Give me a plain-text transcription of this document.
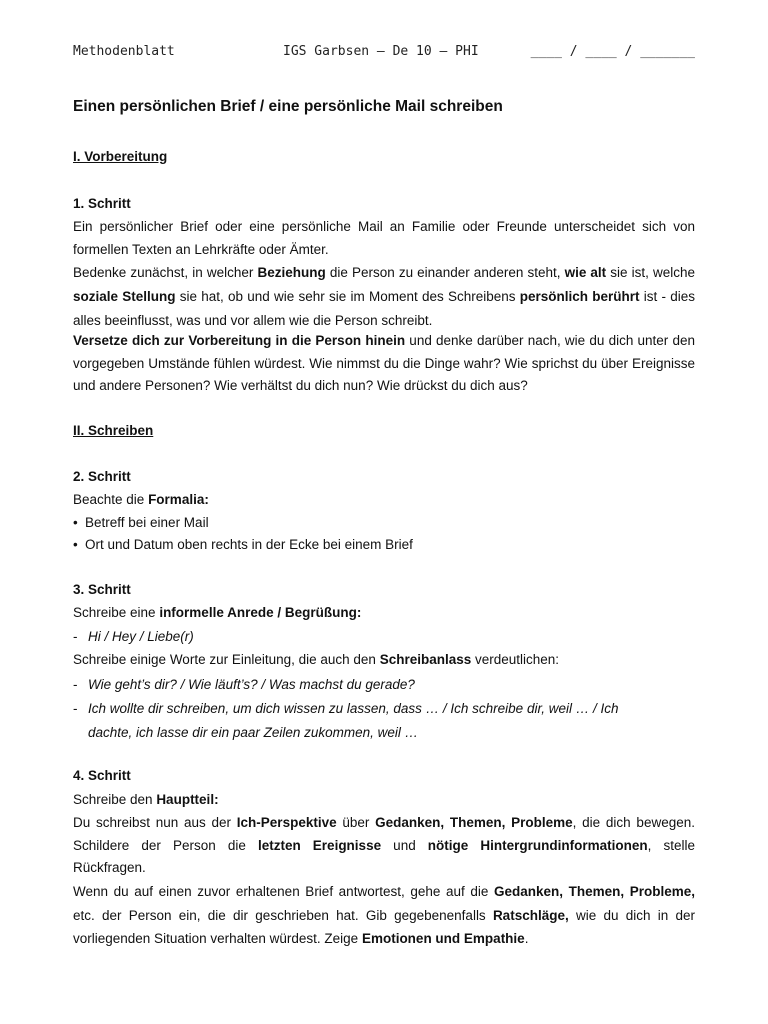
Methodenblatt	IGS Garbsen – De 10 – PHI	____ / ____ / _______
Einen persönlichen Brief / eine persönliche Mail schreiben
I. Vorbereitung
1. Schritt

Ein persönlicher Brief oder eine persönliche Mail an Familie oder Freunde unterscheidet sich von formellen Texten an Lehrkräfte oder Ämter.

Bedenke zunächst, in welcher Beziehung die Person zu einander anderen steht, wie alt sie ist, welche soziale Stellung sie hat, ob und wie sehr sie im Moment des Schreibens persönlich berührt ist - dies alles beeinflusst, was und vor allem wie die Person schreibt.

Versetze dich zur Vorbereitung in die Person hinein und denke darüber nach, wie du dich unter den vorgegeben Umstände fühlen würdest. Wie nimmst du die Dinge wahr? Wie sprichst du über Ereignisse und andere Personen? Wie verhältst du dich nun? Wie drückst du dich aus?

II. Schreiben
2. Schritt
Beachte die Formalia:
• Betreff bei einer Mail
• Ort und Datum oben rechts in der Ecke bei einem Brief
3. Schritt
Schreibe eine informelle Anrede / Begrüßung:
- Hi / Hey / Liebe(r)
Schreibe einige Worte zur Einleitung, die auch den Schreibanlass verdeutlichen:
- Wie geht’s dir? / Wie läuft’s? / Was machst du gerade?
- Ich wollte dir schreiben, um dich wissen zu lassen, dass … / Ich schreibe dir, weil … / Ich
dachte, ich lasse dir ein paar Zeilen zukommen, weil …
4. Schritt
Schreibe den Hauptteil:

Du schreibst nun aus der Ich-Perspektive über Gedanken, Themen, Probleme, die dich bewegen. Schildere der Person die letzten Ereignisse und nötige Hintergrundinformationen, stelle Rückfragen.

Wenn du auf einen zuvor erhaltenen Brief antwortest, gehe auf die Gedanken, Themen, Probleme, etc. der Person ein, die dir geschrieben hat. Gib gegebenenfalls Ratschläge, wie du dich in der vorliegenden Situation verhalten würdest. Zeige Emotionen und Empathie.
